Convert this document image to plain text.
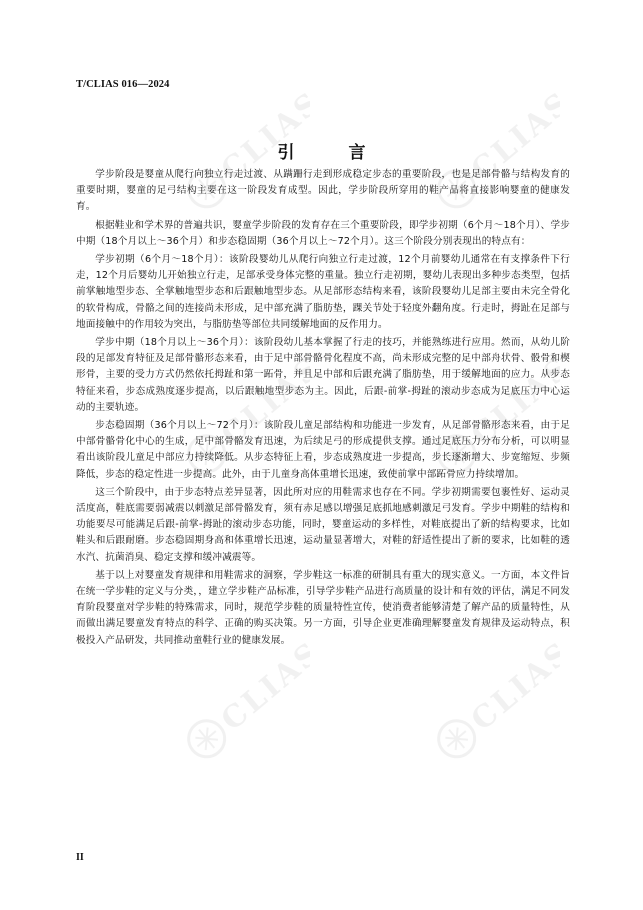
CLIAS	CLIAS
CLIAS	CLIAS
CLIAS	CLIAS
T/CLIAS 016—2024
引 言

学步阶段是婴童从爬行向独立行走过渡、从蹒跚行走到形成稳定步态的重要阶段，也是足部骨骼与结构发育的重要时期，婴童的足弓结构主要在这一阶段发育成型。因此，学步阶段所穿用的鞋产品将直接影响婴童的健康发育。

根据鞋业和学术界的普遍共识，婴童学步阶段的发育存在三个重要阶段，即学步初期（6个月～18个月）、学步中期（18个月以上～36个月）和步态稳固期（36个月以上～72个月）。这三个阶段分别表现出的特点有：

学步初期（6个月～18个月）：该阶段婴幼儿从爬行向独立行走过渡，12个月前婴幼儿通常在有支撑条件下行走，12个月后婴幼儿开始独立行走，足部承受身体完整的重量。独立行走初期，婴幼儿表现出多种步态类型，包括前掌触地型步态、全掌触地型步态和后跟触地型步态。从足部形态结构来看，该阶段婴幼儿足部主要由未完全骨化的软骨构成，骨骼之间的连接尚未形成，足中部充满了脂肪垫，踝关节处于轻度外翻角度。行走时，拇趾在足部与地面接触中的作用较为突出，与脂肪垫等部位共同缓解地面的反作用力。

学步中期（18个月以上～36个月）：该阶段幼儿基本掌握了行走的技巧，并能熟练进行应用。然而，从幼儿阶段的足部发育特征及足部骨骼形态来看，由于足中部骨骼骨化程度不高，尚未形成完整的足中部舟状骨、骰骨和楔形骨，主要的受力方式仍然依托拇趾和第一跖骨，并且足中部和后跟充满了脂肪垫，用于缓解地面的应力。从步态特征来看，步态成熟度逐步提高，以后跟触地型步态为主。因此，后跟-前掌-拇趾的滚动步态成为足底压力中心运动的主要轨迹。

步态稳固期（36个月以上～72个月）：该阶段儿童足部结构和功能进一步发育，从足部骨骼形态来看，由于足中部骨骼骨化中心的生成，足中部骨骼发育迅速，为后续足弓的形成提供支撑。通过足底压力分布分析，可以明显看出该阶段儿童足中部应力持续降低。从步态特征上看，步态成熟度进一步提高，步长逐渐增大、步宽缩短、步频降低，步态的稳定性进一步提高。此外，由于儿童身高体重增长迅速，致使前掌中部跖骨应力持续增加。

这三个阶段中，由于步态特点差异显著，因此所对应的用鞋需求也存在不同。学步初期需要包裹性好、运动灵活度高，鞋底需要弱减震以刺激足部骨骼发育，须有赤足感以增强足底抓地感刺激足弓发育。学步中期鞋的结构和功能要尽可能满足后跟-前掌-拇趾的滚动步态功能，同时，婴童运动的多样性，对鞋底提出了新的结构要求，比如鞋头和后跟耐磨。步态稳固期身高和体重增长迅速，运动量显著增大，对鞋的舒适性提出了新的要求，比如鞋的透水汽、抗菌消臭、稳定支撑和缓冲减震等。

基于以上对婴童发育规律和用鞋需求的洞察，学步鞋这一标准的研制具有重大的现实意义。一方面，本文件旨在统一学步鞋的定义与分类，，建立学步鞋产品标准，引导学步鞋产品进行高质量的设计和有效的评估，满足不同发育阶段婴童对学步鞋的特殊需求，同时，规范学步鞋的质量特性宣传，使消费者能够清楚了解产品的质量特性，从而做出满足婴童发育特点的科学、正确的购买决策。另一方面，引导企业更准确理解婴童发育规律及运动特点，积极投入产品研发，共同推动童鞋行业的健康发展。

II
